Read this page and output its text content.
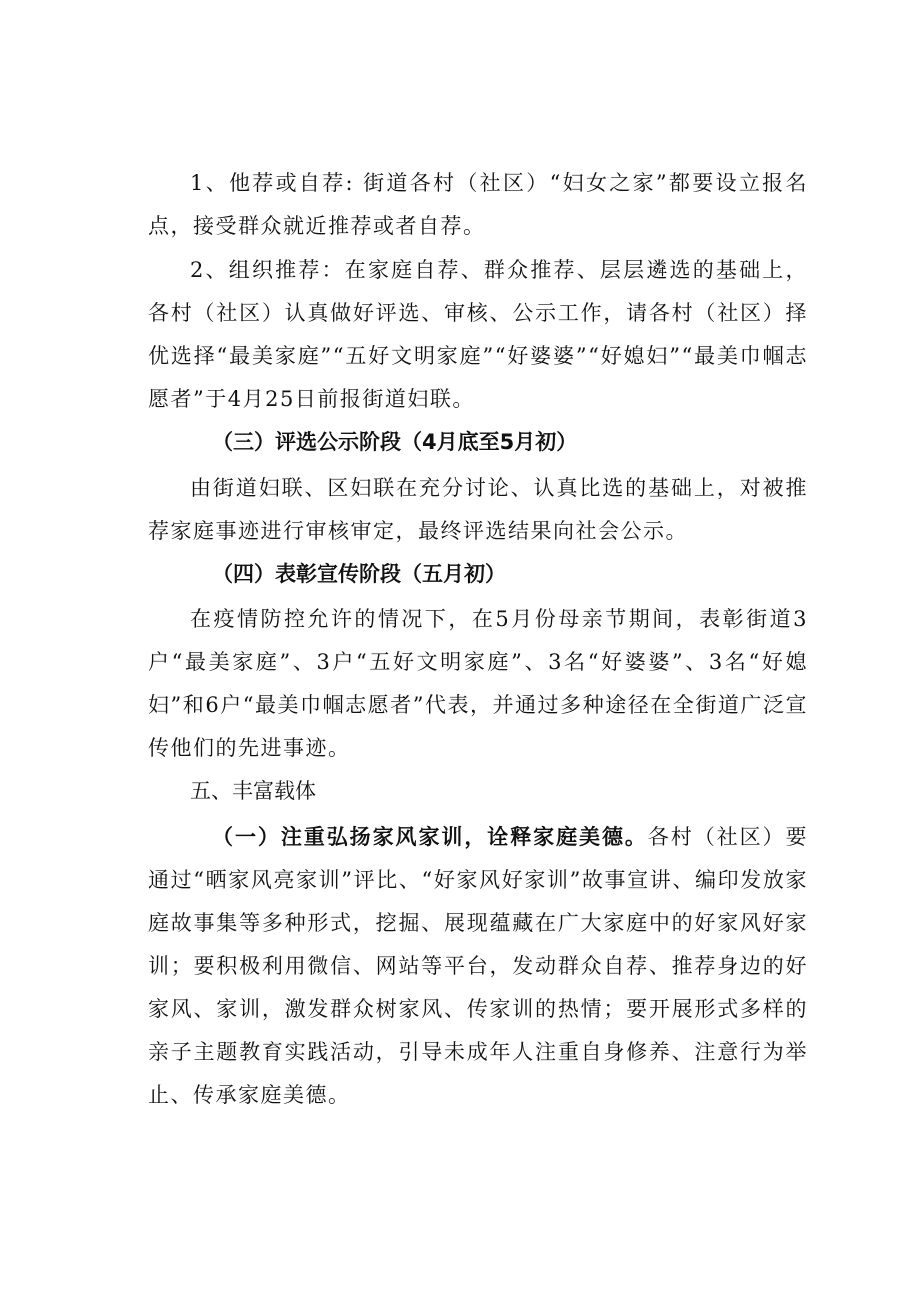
1、他荐或自荐: 街道各村（社区）“妇女之家”都要设立报名点，接受群众就近推荐或者自荐。

2、组织推荐：在家庭自荐、群众推荐、层层遴选的基础上，各村（社区）认真做好评选、审核、公示工作，请各村（社区）择优选择“最美家庭”“五好文明家庭”“好婆婆”“好媳妇”“最美巾帼志愿者”于4月25日前报街道妇联。

（三）评选公示阶段（4月底至5月初）

由街道妇联、区妇联在充分讨论、认真比选的基础上，对被推荐家庭事迹进行审核审定，最终评选结果向社会公示。

（四）表彰宣传阶段（五月初）

在疫情防控允许的情况下，在5月份母亲节期间，表彰街道3户“最美家庭”、3户“五好文明家庭”、3名“好婆婆”、3名“好媳妇”和6户“最美巾帼志愿者”代表，并通过多种途径在全街道广泛宣传他们的先进事迹。

五、丰富载体

（一）注重弘扬家风家训，诠释家庭美德。各村（社区）要通过“晒家风亮家训”评比、“好家风好家训”故事宣讲、编印发放家庭故事集等多种形式，挖掘、展现蕴藏在广大家庭中的好家风好家训；要积极利用微信、网站等平台，发动群众自荐、推荐身边的好家风、家训，激发群众树家风、传家训的热情；要开展形式多样的亲子主题教育实践活动，引导未成年人注重自身修养、注意行为举止、传承家庭美德。
